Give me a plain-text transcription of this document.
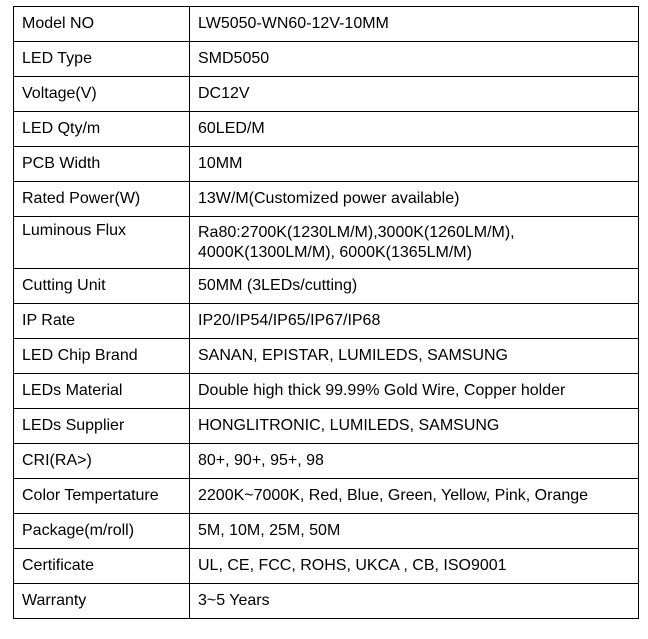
Model NO	LW5050-WN60-12V-10MM
LED Type	SMD5050
Voltage(V)	DC12V
LED Qty/m	60LED/M
PCB Width	10MM
Rated Power(W)	13W/M(Customized power available)
Luminous Flux	Ra80:2700K(1230LM/M),3000K(1260LM/M),
4000K(1300LM/M), 6000K(1365LM/M)

Cutting Unit	50MM (3LEDs/cutting)
IP Rate	IP20/IP54/IP65/IP67/IP68
LED Chip Brand	SANAN, EPISTAR, LUMILEDS, SAMSUNG
LEDs Material	Double high thick 99.99% Gold Wire, Copper holder
LEDs Supplier	HONGLITRONIC, LUMILEDS, SAMSUNG
CRI(RA>)	80+, 90+, 95+, 98
Color Tempertature	2200K~7000K, Red, Blue, Green, Yellow, Pink, Orange
Package(m/roll)	5M, 10M, 25M, 50M
Certificate	UL, CE, FCC, ROHS, UKCA , CB, ISO9001
Warranty	3~5 Years
